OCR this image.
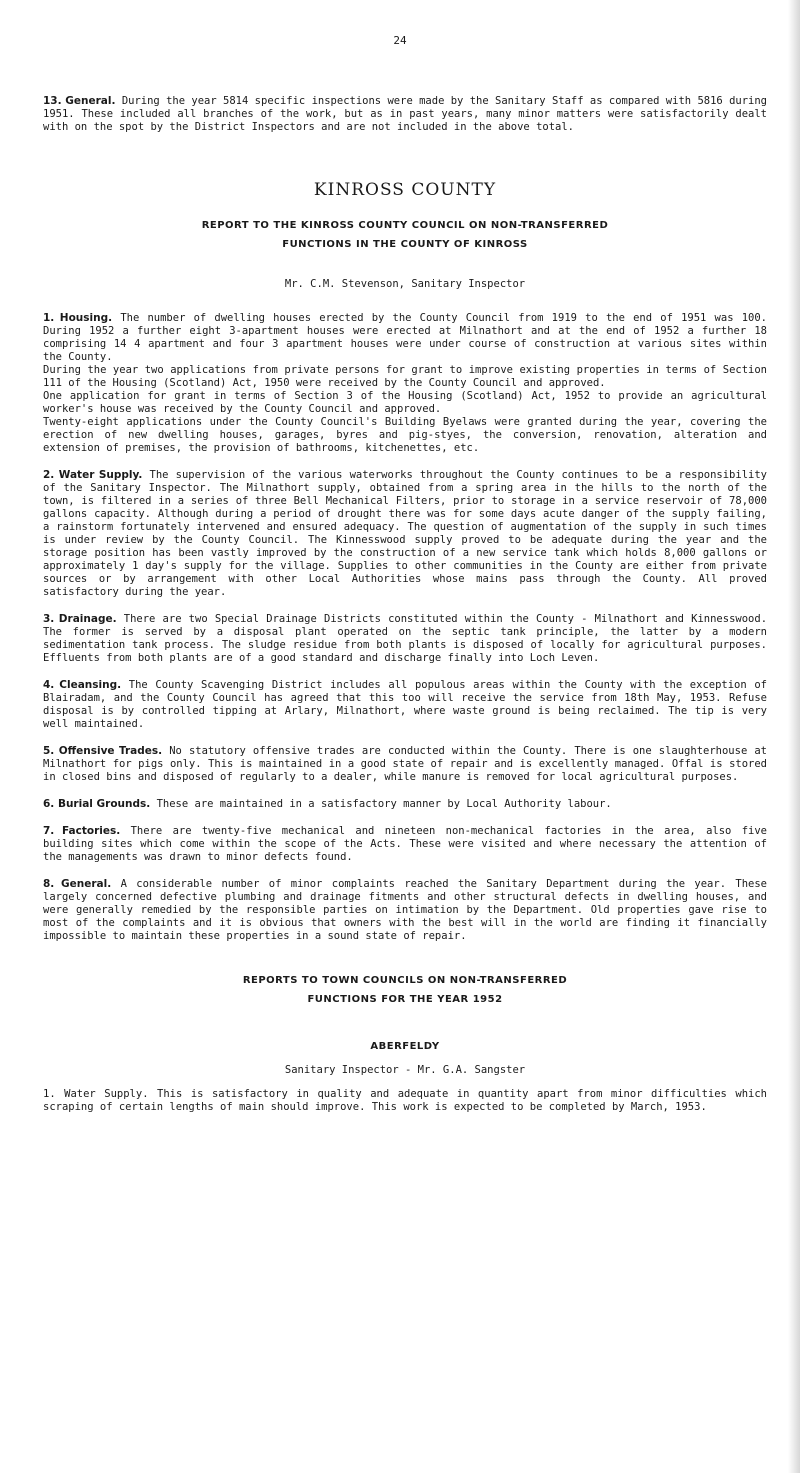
24

13. General. During the year 5814 specific inspections were made by the Sanitary Staff as compared with 5816 during 1951. These included all branches of the work, but as in past years, many minor matters were satisfactorily dealt with on the spot by the District Inspectors and are not included in the above total.

KINROSS COUNTY
REPORT TO THE KINROSS COUNTY COUNCIL ON NON-TRANSFERRED
FUNCTIONS IN THE COUNTY OF KINROSS
Mr. C.M. Stevenson, Sanitary Inspector

1. Housing. The number of dwelling houses erected by the County Council from 1919 to the end of 1951 was 100. During 1952 a further eight 3-apartment houses were erected at Milnathort and at the end of 1952 a further 18 comprising 14 4 apartment and four 3 apartment houses were under course of construction at various sites within the County.

During the year two applications from private persons for grant to improve existing properties in terms of Section 111 of the Housing (Scotland) Act, 1950 were received by the County Council and approved.

One application for grant in terms of Section 3 of the Housing (Scotland) Act, 1952 to provide an agricultural worker's house was received by the County Council and approved.

Twenty-eight applications under the County Council's Building Byelaws were granted during the year, covering the erection of new dwelling houses, garages, byres and pig-styes, the conversion, renovation, alteration and extension of premises, the provision of bathrooms, kitchenettes, etc.

2. Water Supply. The supervision of the various waterworks throughout the County continues to be a responsibility of the Sanitary Inspector. The Milnathort supply, obtained from a spring area in the hills to the north of the town, is filtered in a series of three Bell Mechanical Filters, prior to storage in a service reservoir of 78,000 gallons capacity. Although during a period of drought there was for some days acute danger of the supply failing, a rainstorm fortunately intervened and ensured adequacy. The question of augmentation of the supply in such times is under review by the County Council. The Kinnesswood supply proved to be adequate during the year and the storage position has been vastly improved by the construction of a new service tank which holds 8,000 gallons or approximately 1 day's supply for the village. Supplies to other communities in the County are either from private sources or by arrangement with other Local Authorities whose mains pass through the County. All proved satisfactory during the year.

3. Drainage. There are two Special Drainage Districts constituted within the County - Milnathort and Kinnesswood. The former is served by a disposal plant operated on the septic tank principle, the latter by a modern sedimentation tank process. The sludge residue from both plants is disposed of locally for agricultural purposes. Effluents from both plants are of a good standard and discharge finally into Loch Leven.

4. Cleansing. The County Scavenging District includes all populous areas within the County with the exception of Blairadam, and the County Council has agreed that this too will receive the service from 18th May, 1953. Refuse disposal is by controlled tipping at Arlary, Milnathort, where waste ground is being reclaimed. The tip is very well maintained.

5. Offensive Trades. No statutory offensive trades are conducted within the County. There is one slaughterhouse at Milnathort for pigs only. This is maintained in a good state of repair and is excellently managed. Offal is stored in closed bins and disposed of regularly to a dealer, while manure is removed for local agricultural purposes.

6. Burial Grounds. These are maintained in a satisfactory manner by Local Authority labour.

7. Factories. There are twenty-five mechanical and nineteen non-mechanical factories in the area, also five building sites which come within the scope of the Acts. These were visited and where necessary the attention of the managements was drawn to minor defects found.

8. General. A considerable number of minor complaints reached the Sanitary Department during the year. These largely concerned defective plumbing and drainage fitments and other structural defects in dwelling houses, and were generally remedied by the responsible parties on intimation by the Department. Old properties gave rise to most of the complaints and it is obvious that owners with the best will in the world are finding it financially impossible to maintain these properties in a sound state of repair.

REPORTS TO TOWN COUNCILS ON NON-TRANSFERRED
FUNCTIONS FOR THE YEAR 1952
ABERFELDY
Sanitary Inspector - Mr. G.A. Sangster

1. Water Supply. This is satisfactory in quality and adequate in quantity apart from minor difficulties which scraping of certain lengths of main should improve. This work is expected to be completed by March, 1953.
